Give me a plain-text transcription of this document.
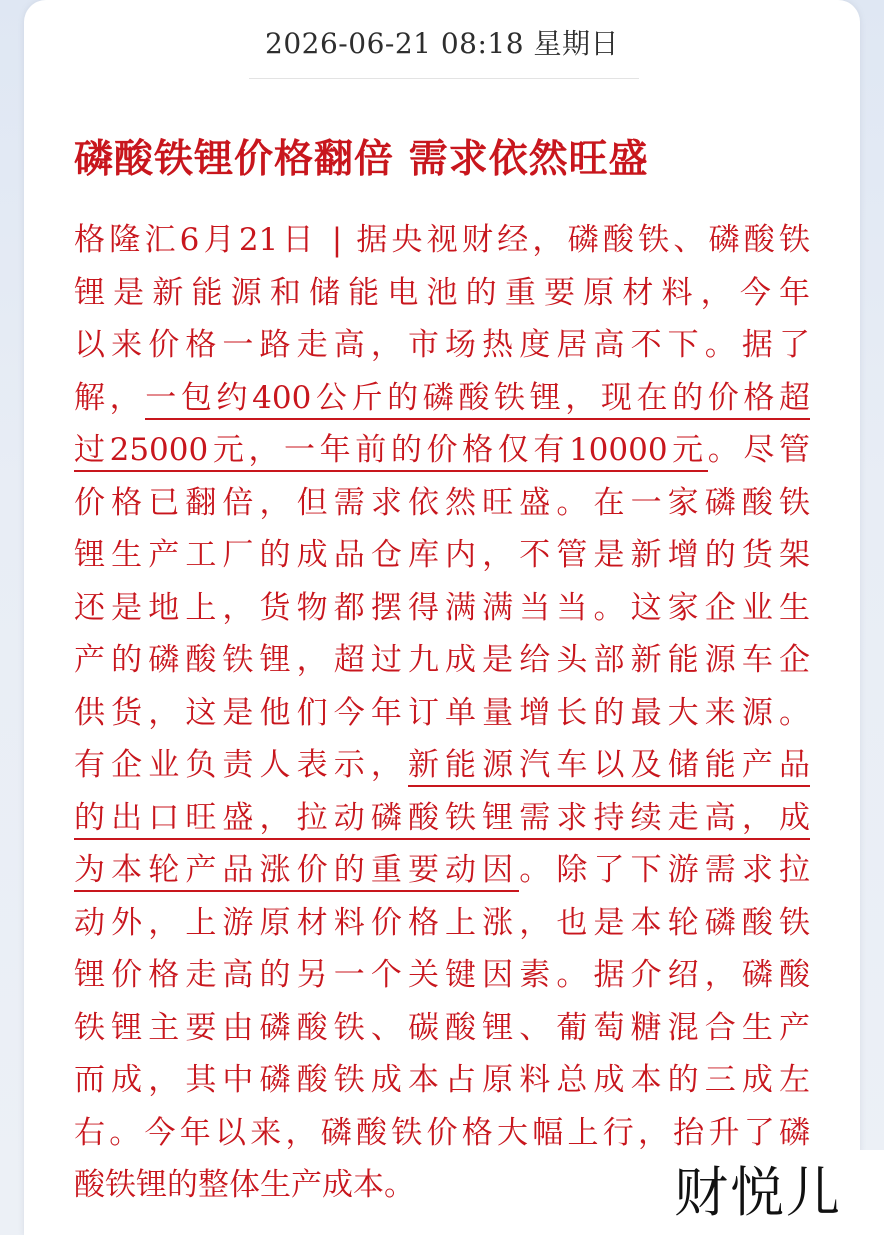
2026-06-21 08:18 星期日
磷酸铁锂价格翻倍 需求依然旺盛
格隆汇6月21日 | 据央视财经，磷酸铁、磷酸铁
锂是新能源和储能电池的重要原材料，今年
以来价格一路走高，市场热度居高不下。据了
解，一包约400公斤的磷酸铁锂，现在的价格超
过25000元，一年前的价格仅有10000元。尽管
价格已翻倍，但需求依然旺盛。在一家磷酸铁
锂生产工厂的成品仓库内，不管是新增的货架
还是地上，货物都摆得满满当当。这家企业生
产的磷酸铁锂，超过九成是给头部新能源车企
供货，这是他们今年订单量增长的最大来源。
有企业负责人表示，新能源汽车以及储能产品
的出口旺盛，拉动磷酸铁锂需求持续走高，成
为本轮产品涨价的重要动因。除了下游需求拉
动外，上游原材料价格上涨，也是本轮磷酸铁
锂价格走高的另一个关键因素。据介绍，磷酸
铁锂主要由磷酸铁、碳酸锂、葡萄糖混合生产
而成，其中磷酸铁成本占原料总成本的三成左
右。今年以来，磷酸铁价格大幅上行，抬升了磷
酸铁锂的整体生产成本。	财悦儿
